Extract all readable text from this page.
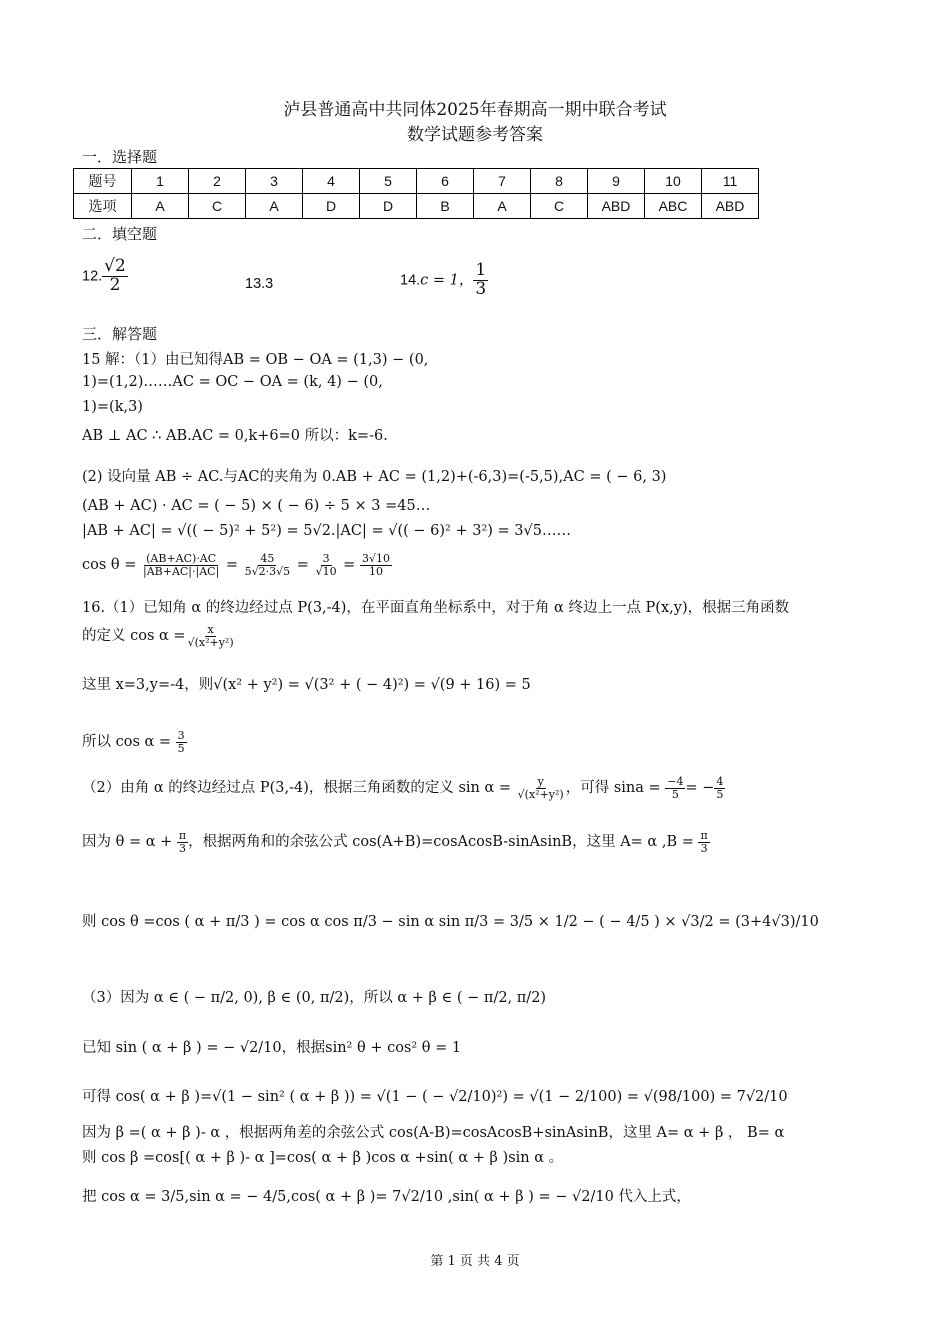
泸县普通高中共同体2025年春期高一期中联合考试
数学试题参考答案
一．选择题
题号	1	2	3	4	5	6	7	8	9	10	11
选项	A	C	A	D	D	B	A	C	ABD	ABC	ABD
二．填空题
12. $\frac{√2}{2}$	13.3	14.c = 1， $\frac{1}{3}$
三．解答题
15 解：（1）由已知得AB = OB − OA = (1,3) − (0,
1)=(1,2)……AC = OC − OA = (k, 4) − (0,
1)=(k,3)
AB ⊥ AC ∴ AB.AC = 0,k+6=0 所以：k=-6.
(2) 设向量 AB ÷ AC.与AC的夹角为 0.AB + AC = (1,2)+(-6,3)=(-5,5),AC = ( − 6, 3)
(AB + AC) · AC = ( − 5) × ( − 6) ÷ 5 × 3 =45…
|AB + AC| = √(( − 5)² + 5²) = 5√2.|AC| = √(( − 6)² + 3²) = 3√5……
$\cos \theta = \frac{(AB+AC)\cdot AC}{|AB+AC|\cdot|AC|} = \frac{45}{5√2\cdot 3√5} = \frac{3}{√10} = \frac{3√10}{10}$
16.（1）已知角 α 的终边经过点 P(3,-4)，在平面直角坐标系中，对于角 α 终边上一点 P(x,y)，根据三角函数
的定义 $\cos \alpha = \frac{x}{\text{√(x²+y²)}}$
这里 x=3,y=-4，则√(x² + y²) = √(3² + ( − 4)²) = √(9 + 16) = 5
所以 $\cos \alpha = \frac{3}{5}$
（2）由角 α 的终边经过点 P(3,-4)，根据三角函数的定义 $\sin \alpha = \frac{y}{\text{√(x²+y²)}}$ ，可得 $\sin a = \frac{-4}{5}$ = − $\frac{4}{5}$
因为 $\theta = \alpha + \frac{\pi}{3}$ ，根据两角和的余弦公式 cos(A+B)=cosAcosB-sinAsinB，这里 A= α $,B = \frac{\pi}{3}$
则 cos θ =cos ( α + π/3 ) = cos α cos π/3 − sin α sin π/3 = 3/5 × 1/2 − ( − 4/5 ) × √3/2 = (3+4√3)/10
（3）因为 α ∈ ( − π/2, 0), β ∈ (0, π/2)，所以 α + β ∈ ( − π/2, π/2)
已知 sin ( α + β ) = − √2/10，根据sin² θ + cos² θ = 1
可得 cos( α + β )=√(1 − sin² ( α + β )) = √(1 − ( − √2/10)²) = √(1 − 2/100) = √(98/100) = 7√2/10
因为 β =( α + β )- α ，根据两角差的余弦公式 cos(A-B)=cosAcosB+sinAsinB，这里 A= α + β ， B= α
则 cos β =cos[( α + β )- α ]=cos( α + β )cos α +sin( α + β )sin α 。
把 cos α = 3/5,sin α = − 4/5,cos( α + β )= 7√2/10 ,sin( α + β ) = − √2/10 代入上式，
第 1 页 共 4 页
